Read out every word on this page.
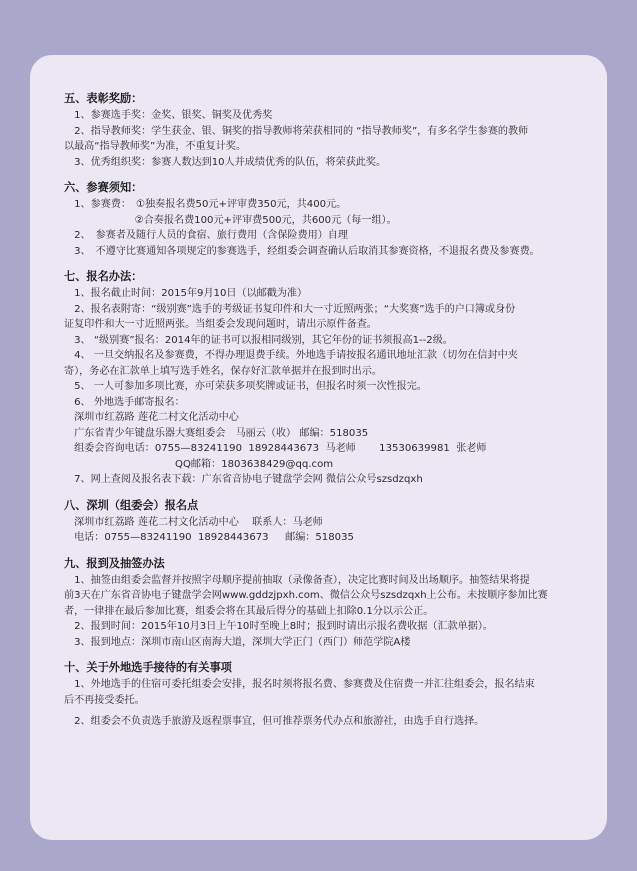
五、表彰奖励：
　1、参赛选手奖：金奖、银奖、铜奖及优秀奖
　2、指导教师奖：学生获金、银、铜奖的指导教师将荣获相同的 “指导教师奖”，有多名学生参赛的教师
以最高“指导教师奖”为准，不重复计奖。
　3、优秀组织奖：参赛人数达到10人并成绩优秀的队伍，将荣获此奖。
六、参赛须知：
　1、参赛费：　①独奏报名费50元+评审费350元，共400元。
　　　　　　　②合奏报名费100元+评审费500元，共600元（每一组）。
　2、　参赛者及随行人员的食宿、旅行费用（含保险费用）自理
　3、　不遵守比赛通知各项规定的参赛选手，经组委会调查确认后取消其参赛资格，不退报名费及参赛费。
七、报名办法：
　1、报名截止时间：2015年9月10日（以邮戳为准）
　2、报名表附寄：“级别赛”选手的考级证书复印件和大一寸近照两张；“大奖赛”选手的户口簿或身份
证复印件和大一寸近照两张。当组委会发现问题时，请出示原件备查。
　3、 “级别赛”报名：2014年的证书可以报相同级别，其它年份的证书须报高1--2级。
　4、 一旦交纳报名及参赛费，不得办理退费手续。外地选手请按报名通讯地址汇款（切勿在信封中夹
寄），务必在汇款单上填写选手姓名，保存好汇款单据并在报到时出示。
　5、 一人可参加多项比赛，亦可荣获多项奖牌或证书，但报名时须一次性报完。
　6、 外地选手邮寄报名：
　深圳市红荔路 莲花二村文化活动中心
　广东省青少年键盘乐器大赛组委会　马丽云（收） 邮编：518035
　组委会咨询电话：0755—83241190  18928443673  马老师　　 13530639981  张老师
　　　　　　　　　　　QQ邮箱：1803638429@qq.com
　7、网上查阅及报名表下载：广东省音协电子键盘学会网 微信公众号szsdzqxh
八、深圳（组委会）报名点
　深圳市红荔路 莲花二村文化活动中心　 联系人：马老师
　电话：0755—83241190  18928443673　  邮编：518035
九、报到及抽签办法
　1、抽签由组委会监督并按照字母顺序提前抽取（录像备查），决定比赛时间及出场顺序。抽签结果将提
前3天在广东省音协电子键盘学会网www.gddzjpxh.com、微信公众号szsdzqxh上公布。未按顺序参加比赛
者，一律排在最后参加比赛，组委会将在其最后得分的基础上扣除0.1分以示公正。
　2、报到时间：2015年10月3日上午10时至晚上8时；报到时请出示报名费收据（汇款单据）。
　3、报到地点：深圳市南山区南海大道，深圳大学正门（西门）师范学院A楼
十、关于外地选手接待的有关事项
　1、外地选手的住宿可委托组委会安排，报名时须将报名费、参赛费及住宿费一并汇往组委会，报名结束
后不再接受委托。
　2、组委会不负责选手旅游及返程票事宜，但可推荐票务代办点和旅游社，由选手自行选择。
